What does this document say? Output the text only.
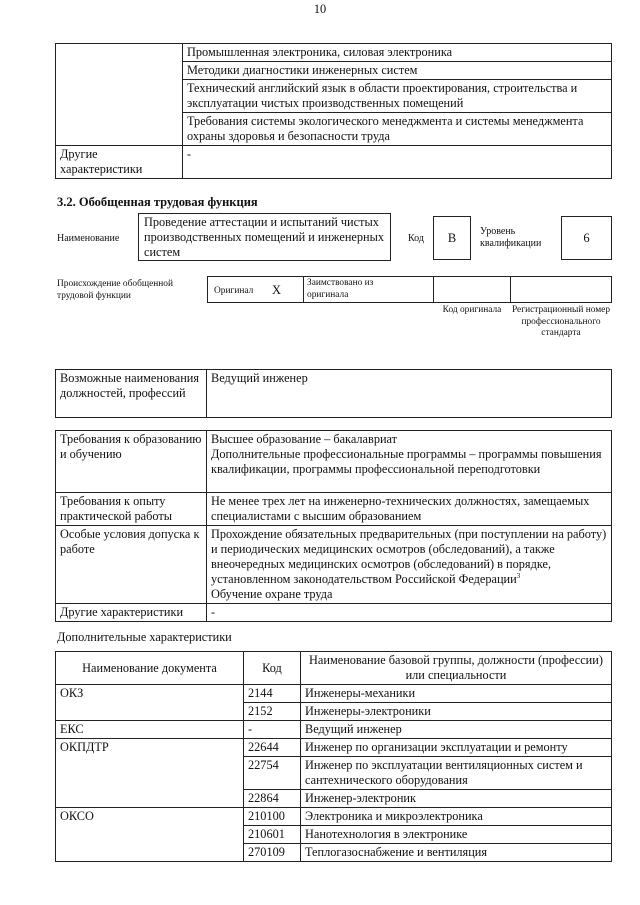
10
	Промышленная электроника, силовая электроника
	Методики диагностики инженерных систем
	Технический английский язык в области проектирования, строительства и эксплуатации чистых производственных помещений
	Требования системы экологического менеджмента и системы менеджмента охраны здоровья и безопасности труда
Другие характеристики	-
3.2. Обобщенная трудовая функция
Наименование
Проведение аттестации и испытаний чистых производственных помещений и инженерных систем
Код	B	Уровень квалификации	6
Происхождение обобщенной трудовой функции	Оригинал X	Заимствовано из оригинала
Код оригинала	Регистрационный номер профессионального стандарта
Возможные наименования должностей, профессий	Ведущий инженер
Требования к образованию и обучению	Высшее образование – бакалавриат
Дополнительные профессиональные программы – программы повышения квалификации, программы профессиональной переподготовки

Требования к опыту практической работы	Не менее трех лет на инженерно-технических должностях, замещаемых специалистами с высшим образованием
Особые условия допуска к работе	Прохождение обязательных предварительных (при поступлении на работу) и периодических медицинских осмотров (обследований), а также внеочередных медицинских осмотров (обследований) в порядке, установленном законодательством Российской Федерации$^3$
Обучение охране труда

Другие характеристики	-
Дополнительные характеристики
Наименование документа	Код	Наименование базовой группы, должности (профессии) или специальности
ОКЗ	2144	Инженеры-механики
	2152	Инженеры-электроники
ЕКС	-	Ведущий инженер
ОКПДТР	22644	Инженер по организации эксплуатации и ремонту
	22754	Инженер по эксплуатации вентиляционных систем и сантехнического оборудования
	22864	Инженер-электроник
ОКСО	210100	Электроника и микроэлектроника
	210601	Нанотехнология в электронике
	270109	Теплогазоснабжение и вентиляция
